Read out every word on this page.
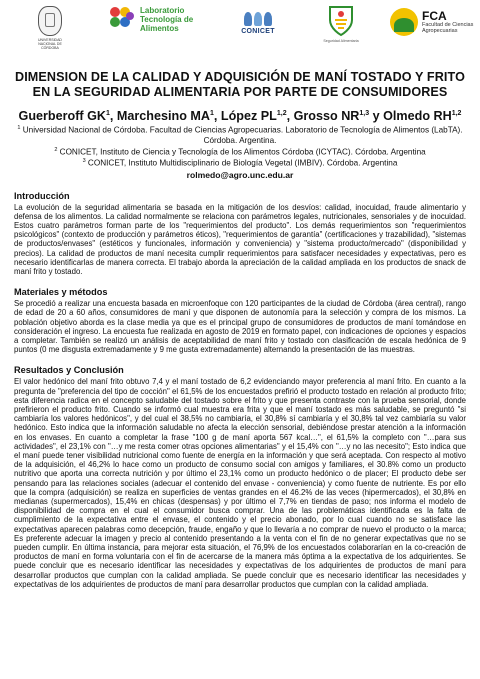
UNIVERSIDAD NACIONAL DE CÓRDOBA
Laboratorio
Tecnología de
Alimentos	CONICET
Seguridad Alimentaria
FCA
Facultad de Ciencias
Agropecuarias
DIMENSION DE LA CALIDAD Y ADQUISICIÓN DE MANÍ TOSTADO Y FRITO EN LA SEGURIDAD ALIMENTARIA POR PARTE DE CONSUMIDORES
Guerberoff $GK^1$, Marchesino $MA^1$, López PL$^{1,2}$, Grosso NR$^{1,3}$ y Olmedo RH$^{1,2}$
$^1$ Universidad Nacional de Córdoba. Facultad de Ciencias Agropecuarias. Laboratorio de Tecnología de Alimentos (LabTA). Córdoba. Argentina.
$^2$ CONICET, Instituto de Ciencia y Tecnología de los Alimentos Córdoba (ICYTAC). Córdoba. Argentina
$^3$ CONICET, Instituto Multidisciplinario de Biología Vegetal (IMBIV). Córdoba. Argentina
rolmedo@agro.unc.edu.ar
Introducción

La evolución de la seguridad alimentaria se basada en la mitigación de los desvíos: calidad, inocuidad, fraude alimentario y defensa de los alimentos. La calidad normalmente se relaciona con parámetros legales, nutricionales, sensoriales y de inocuidad. Estos cuatro parámetros forman parte de los "requerimientos del producto". Los demás requerimientos son "requerimientos psicológicos" (contexto de producción y parámetros éticos), "requerimientos de garantía" (certificaciones y trazabilidad), "sistemas de productos/envases" (estéticos y funcionales, información y conveniencia) y "sistema producto/mercado" (disponibilidad y precios). La calidad de productos de maní necesita cumplir requerimientos para satisfacer necesidades y expectativas, pero es necesario identificarlas de manera correcta. El trabajo aborda la apreciación de la calidad ampliada en los productos de snack de maní frito y tostado.

Materiales y métodos

Se procedió a realizar una encuesta basada en microenfoque con 120 participantes de la ciudad de Córdoba (área central), rango de edad de 20 a 60 años, consumidores de maní y que disponen de autonomía para la selección y compra de los mismos. La población objetivo aborda es la clase media ya que es el principal grupo de consumidores de productos de maní tomándose en consideración el ingreso. La encuesta fue realizada en agosto de 2019 en formato papel, con indicaciones de opciones y espacios a completar. También se realizó un análisis de aceptabilidad de maní frito y tostado con clasificación de escala hedónica de 9 puntos (0 me disgusta extremadamente y 9 me gusta extremadamente) alternando la presentación de las muestras.

Resultados y Conclusión

El valor hedónico del maní frito obtuvo 7,4 y el maní tostado de 6,2 evidenciando mayor preferencia al maní frito. En cuanto a la pregunta de "preferencia del tipo de cocción" el 61,5% de los encuestados prefirió el producto tostado en relación al producto frito; esta diferencia radica en el concepto saludable del tostado sobre el frito y que presenta contraste con la prueba sensorial, donde prefirieron el producto frito. Cuando se informó cual muestra era frita y que el maní tostado es más saludable, se preguntó "si cambiaría los valores hedónicos", y del cual el 38,5% no cambiaría, el 30,8% sí cambiaría y el 30,8% tal vez cambiaría su valor hedónico. Esto indica que la información saludable no afecta la elección sensorial, debiéndose prestar atención a la información en los envases. En cuanto a completar la frase "100 g de maní aporta 567 kcal…", el 61,5% la completo con "…para sus actividades", el 23,1% con "…y me resta comer otras opciones alimentarias" y el 15,4% con "…y no las necesito"; Esto indica que el maní puede tener visibilidad nutricional como fuente de energía en la información y que será aceptada. Con respecto al motivo de la adquisición, el 46,2% lo hace como un producto de consumo social con amigos y familiares, el 30.8% como un producto nutritivo que aporta una correcta nutrición y por último el 23,1% como un producto hedónico o de placer; El producto debe ser pensando para las relaciones sociales (adecuar el contenido del envase - conveniencia) y como fuente de nutriente. Es por ello que la compra (adquisición) se realiza en superficies de ventas grandes en el 46.2% de las veces (hipermercados), el 30,8% en medianas (supermercados), 15,4% en chicas (despensas) y por último el 7,7% en tiendas de paso; nos informa el modelo de disponibilidad de compra en el cual el consumidor busca comprar. Una de las problemáticas identificada es la falta de cumplimiento de la expectativa entre el envase, el contenido y el precio abonado, por lo cual cuando no se satisface las expectativas aparecen palabras como decepción, fraude, engaño y que lo llevaría a no comprar de nuevo el producto o la marca; Es preferente adecuar la imagen y precio al contenido presentando a la venta con el fin de no generar expectativas que no se pueden cumplir. En última instancia, para mejorar esta situación, el 76,9% de los encuestados colaborarían en la co-creación de productos de maní en forma voluntaria con el fin de acercarse de la manera más óptima a la expectativa de los adquirientes. Se puede concluir que es necesario identificar las necesidades y expectativas de los adquirientes de productos de maní para desarrollar productos que cumplan con la calidad ampliada. Se puede concluir que es necesario identificar las necesidades y expectativas de los adquirientes de productos de maní para desarrollar productos que cumplan con la calidad ampliada.
